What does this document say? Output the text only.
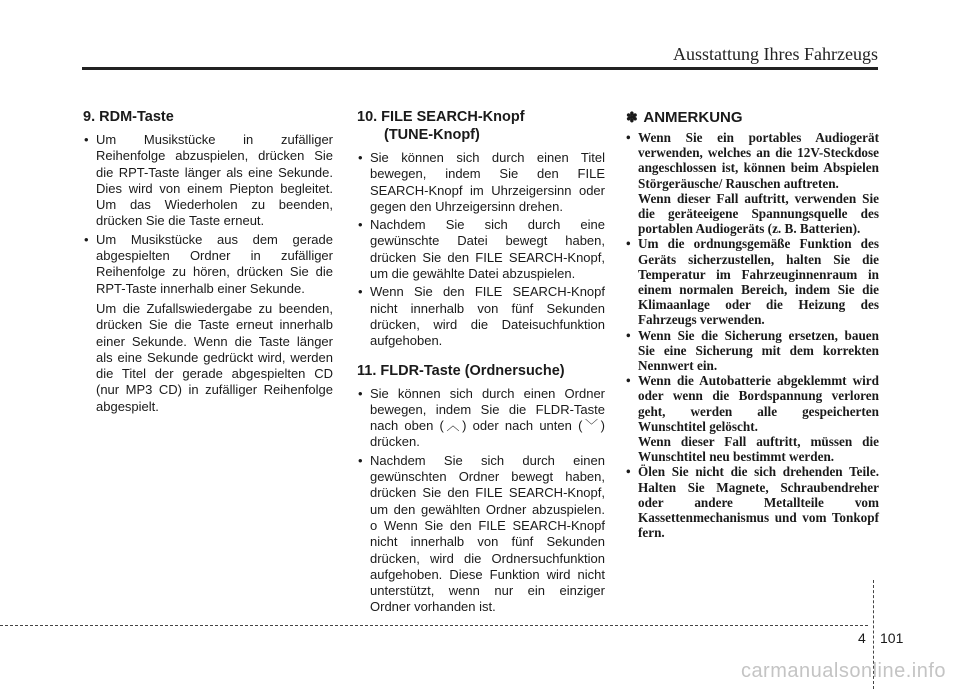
Ausstattung Ihres Fahrzeugs
9. RDM-Taste
• Um Musikstücke in zufälliger Reihenfolge abzuspielen, drücken Sie die RPT-Taste länger als eine Sekunde. Dies wird von einem Piepton begleitet. Um das Wiederholen zu beenden, drücken Sie die Taste erneut.
• Um Musikstücke aus dem gerade abgespielten Ordner in zufälliger Reihenfolge zu hören, drücken Sie die RPT-Taste innerhalb einer Sekunde.

Um die Zufallswiedergabe zu beenden, drücken Sie die Taste erneut innerhalb einer Sekunde. Wenn die Taste länger als eine Sekunde gedrückt wird, werden die Titel der gerade abgespielten CD (nur MP3 CD) in zufälliger Reihenfolge abgespielt.

10. FILE SEARCH-Knopf
(TUNE-Knopf)
• Sie können sich durch einen Titel bewegen, indem Sie den FILE SEARCH-Knopf im Uhrzeigersinn oder gegen den Uhrzeigersinn drehen.
• Nachdem Sie sich durch eine gewünschte Datei bewegt haben, drücken Sie den FILE SEARCH-Knopf, um die gewählte Datei abzuspielen.
• Wenn Sie den FILE SEARCH-Knopf nicht innerhalb von fünf Sekunden drücken, wird die Dateisuchfunktion aufgehoben.
11. FLDR-Taste (Ordnersuche)
• Sie können sich durch einen Ordner bewegen, indem Sie die FLDR-Taste nach oben (︿) oder nach unten (﹀) drücken.
• Nachdem Sie sich durch einen gewünschten Ordner bewegt haben, drücken Sie den FILE SEARCH-Knopf, um den gewählten Ordner abzuspielen. o Wenn Sie den FILE SEARCH-Knopf nicht innerhalb von fünf Sekunden drücken, wird die Ordnersuchfunktion aufgehoben. Diese Funktion wird nicht unterstützt, wenn nur ein einziger Ordner vorhanden ist.
✽ ANMERKUNG
• Wenn Sie ein portables Audiogerät verwenden, welches an die 12V-Steckdose angeschlossen ist, können beim Abspielen Störgeräusche/ Rauschen auftreten.
Wenn dieser Fall auftritt, verwenden Sie die geräteeigene Spannungsquelle des portablen Audiogeräts (z. B. Batterien).
• Um die ordnungsgemäße Funktion des Geräts sicherzustellen, halten Sie die Temperatur im Fahrzeuginnenraum in einem normalen Bereich, indem Sie die Klimaanlage oder die Heizung des Fahrzeugs verwenden.
• Wenn Sie die Sicherung ersetzen, bauen Sie eine Sicherung mit dem korrekten Nennwert ein.
• Wenn die Autobatterie abgeklemmt wird oder wenn die Bordspannung verloren geht, werden alle gespeicherten Wunschtitel gelöscht.
Wenn dieser Fall auftritt, müssen die Wunschtitel neu bestimmt werden.
• Ölen Sie nicht die sich drehenden Teile. Halten Sie Magnete, Schraubendreher oder andere Metallteile vom Kassettenmechanismus und vom Tonkopf fern.
4 101
carmanualsonline.info
